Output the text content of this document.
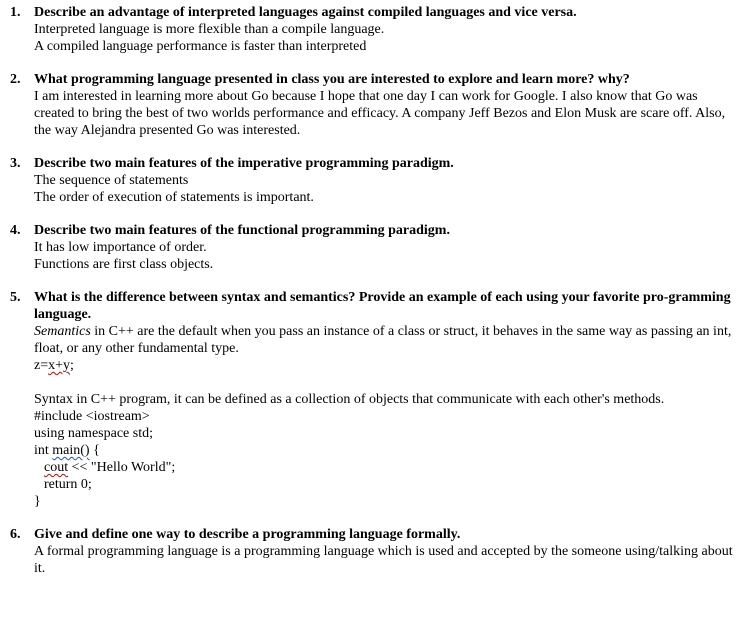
1. Describe an advantage of interpreted languages against compiled languages and vice versa.
Interpreted language is more flexible than a compile language.
A compiled language performance is faster than interpreted
2. What programming language presented in class you are interested to explore and learn more? why?
I am interested in learning more about Go because I hope that one day I can work for Google. I also know that Go was created to bring the best of two worlds performance and efficacy. A company Jeff Bezos and Elon Musk are scare off. Also, the way Alejandra presented Go was interested.
3. Describe two main features of the imperative programming paradigm.
The sequence of statements
The order of execution of statements is important.
4. Describe two main features of the functional programming paradigm.
It has low importance of order.
Functions are first class objects.
5. What is the difference between syntax and semantics? Provide an example of each using your favorite pro-gramming language.
Semantics in C++ are the default when you pass an instance of a class or struct, it behaves in the same way as passing an int, float, or any other fundamental type.
z=x+y;
Syntax in C++ program, it can be defined as a collection of objects that communicate with each other's methods.
#include <iostream>
using namespace std;
int main() {
cout << "Hello World";
return 0;
}
6. Give and define one way to describe a programming language formally.
A formal programming language is a programming language which is used and accepted by the someone using/talking about it.
